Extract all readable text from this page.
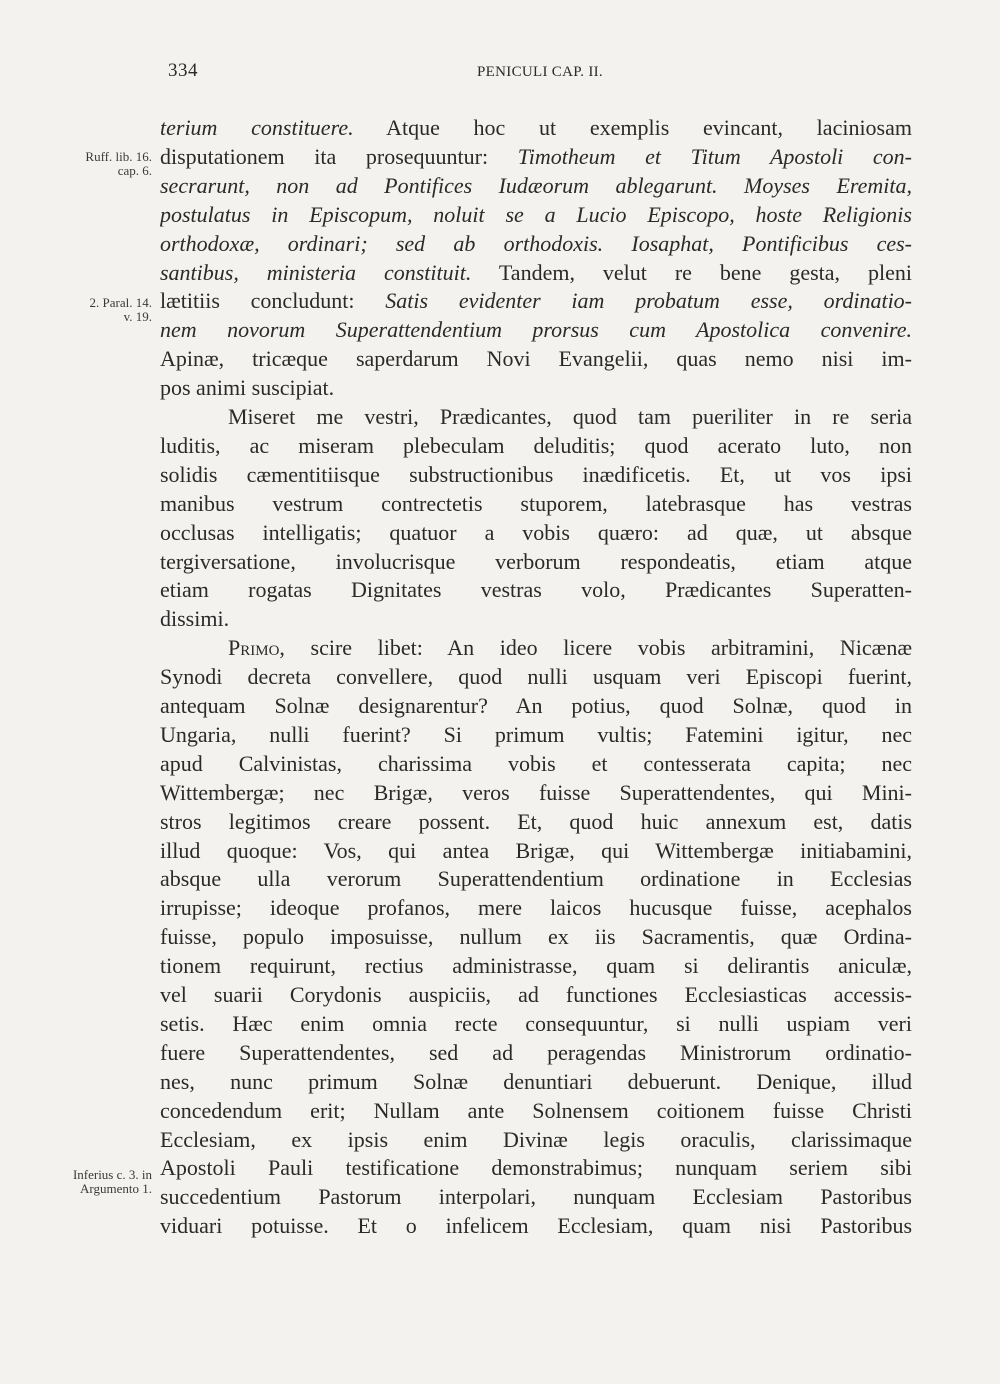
334	PENICULI CAP. II.
Ruff. lib. 16.
cap. 6.
2. Paral. 14.
v. 19.
Inferius c. 3. in
Argumento 1.
terium constituere. Atque hoc ut exemplis evincant, laciniosam
disputationem ita prosequuntur: Timotheum et Titum Apostoli con-
secrarunt, non ad Pontifices Iudæorum ablegarunt. Moyses Eremita,
postulatus in Episcopum, noluit se a Lucio Episcopo, hoste Religionis
orthodoxæ, ordinari; sed ab orthodoxis. Iosaphat, Pontificibus ces-
santibus, ministeria constituit. Tandem, velut re bene gesta, pleni
lætitiis concludunt: Satis evidenter iam probatum esse, ordinatio-
nem novorum Superattendentium prorsus cum Apostolica convenire.
Apinæ, tricæque saperdarum Novi Evangelii, quas nemo nisi im-
pos animi suscipiat.
Miseret me vestri, Prædicantes, quod tam pueriliter in re seria
luditis, ac miseram plebeculam deluditis; quod acerato luto, non
solidis cæmentitiisque substructionibus inædificetis. Et, ut vos ipsi
manibus vestrum contrectetis stuporem, latebrasque has vestras
occlusas intelligatis; quatuor a vobis quæro: ad quæ, ut absque
tergiversatione, involucrisque verborum respondeatis, etiam atque
etiam rogatas Dignitates vestras volo, Prædicantes Superatten-
dissimi.
Primo, scire libet: An ideo licere vobis arbitramini, Nicænæ
Synodi decreta convellere, quod nulli usquam veri Episcopi fuerint,
antequam Solnæ designarentur? An potius, quod Solnæ, quod in
Ungaria, nulli fuerint? Si primum vultis; Fatemini igitur, nec
apud Calvinistas, charissima vobis et contesserata capita; nec
Wittembergæ; nec Brigæ, veros fuisse Superattendentes, qui Mini-
stros legitimos creare possent. Et, quod huic annexum est, datis
illud quoque: Vos, qui antea Brigæ, qui Wittembergæ initiabamini,
absque ulla verorum Superattendentium ordinatione in Ecclesias
irrupisse; ideoque profanos, mere laicos hucusque fuisse, acephalos
fuisse, populo imposuisse, nullum ex iis Sacramentis, quæ Ordina-
tionem requirunt, rectius administrasse, quam si delirantis aniculæ,
vel suarii Corydonis auspiciis, ad functiones Ecclesiasticas accessis-
setis. Hæc enim omnia recte consequuntur, si nulli uspiam veri
fuere Superattendentes, sed ad peragendas Ministrorum ordinatio-
nes, nunc primum Solnæ denuntiari debuerunt. Denique, illud
concedendum erit; Nullam ante Solnensem coitionem fuisse Christi
Ecclesiam, ex ipsis enim Divinæ legis oraculis, clarissimaque
Apostoli Pauli testificatione demonstrabimus; nunquam seriem sibi
succedentium Pastorum interpolari, nunquam Ecclesiam Pastoribus
viduari potuisse. Et o infelicem Ecclesiam, quam nisi Pastoribus
